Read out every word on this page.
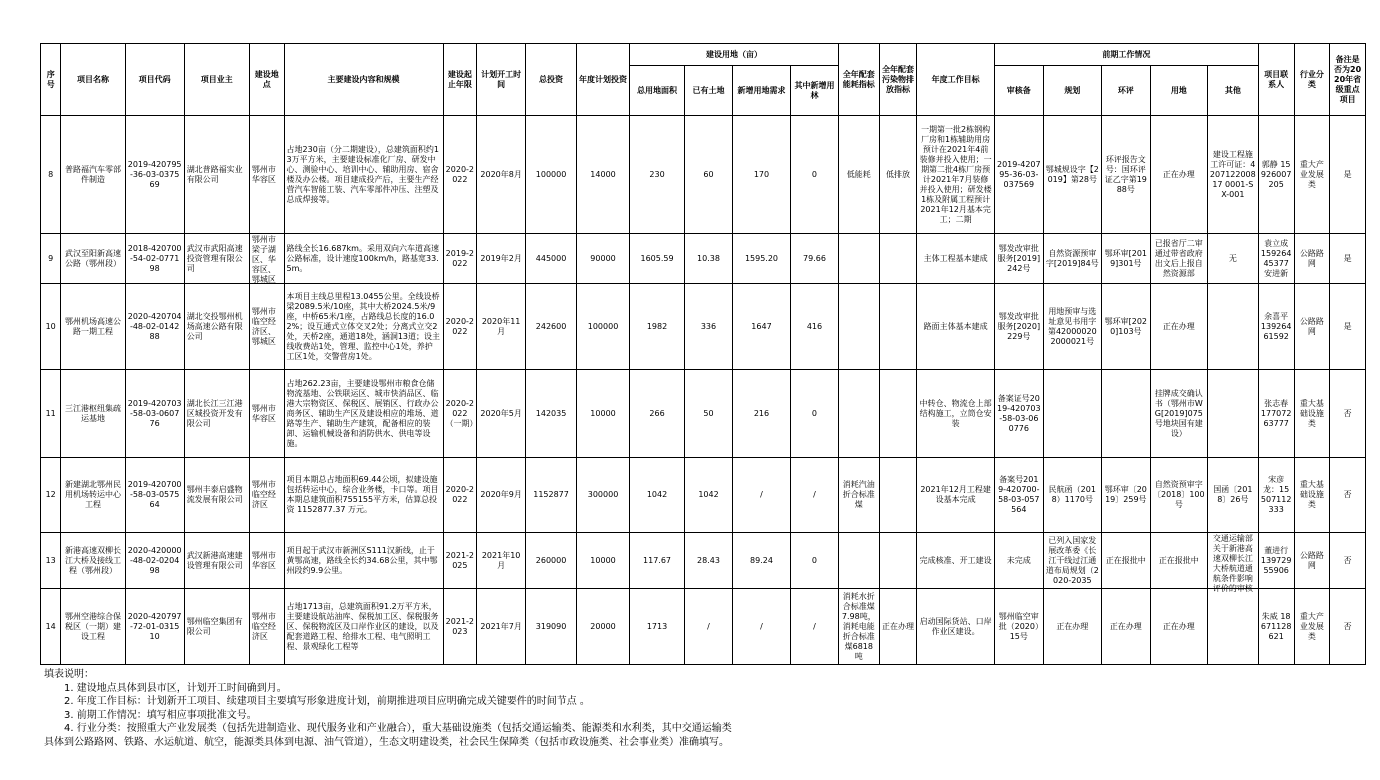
序号	项目名称	项目代码	项目业主	建设地点	主要建设内容和规模	建设起止年限	计划开工时间	总投资	年度计划投资	建设用地（亩）				全年配套能耗指标	全年配套污染物排放指标	年度工作目标	前期工作情况					项目联系人	行业分类	备注是否为2020年省级重点项目
										总用地面积	已有土地	新增用地需求	其中新增用林				审核备	规划	环评	用地	其他			

8	普路福汽车零部件制造	2019-420795-36-03-037569	湖北普路福实业有限公司	鄂州市华容区	占地230亩（分二期建设），总建筑面积约13万平方米，主要建设标准化厂房、研发中心、测验中心、培训中心、辅助用房、宿舍楼及办公楼。项目建成投产后，主要生产经营汽车智能工装、汽车零部件冲压、注塑及总成焊接等。	2020-2022	2020年8月	100000	14000	230	60	170	0	低能耗	低排放	一期第一批2栋钢构厂房和1栋辅助用房预计在2021年4前装修并投入使用；一期第二批4栋厂房预计2021年7月装修并投入使用；研发楼1栋及附属工程预计2021年12月基本完工；二期	2019-420795-36-03-037569	鄂城规设字【2019】第28号	环评报告文号：国环评证乙字第1988号	正在办理	建设工程施工许可证：420712200817 0001-SX-001	郭静 15926007205	重大产业发展类	是

9	武汉至阳新高速公路（鄂州段）	2018-420700-54-02-077198	武汉市武阳高速投资管理有限公司	鄂州市梁子湖区、华容区、鄂城区	路线全长16.687km。采用双向六车道高速公路标准，设计速度100km/h，路基宽33.5m。	2019-2022	2019年2月	445000	90000	1605.59	10.38	1595.20	79.66			主体工程基本建成	鄂发改审批服务[2019]242号	自然资源预审字[2019]84号	鄂环审[2019]301号	已报省厅二审通过带省政府出文后上报自然资源部	无	袁立成 15926445377 安进新	公路路网	是

10	鄂州机场高速公路一期工程	2020-420704-48-02-014288	湖北交投鄂州机场高速公路有限公司	鄂州市临空经济区、鄂城区	本项目主线总里程13.0455公里。全线设桥梁2089.5米/10座，其中大桥2024.5米/9座，中桥65米/1座，占路线总长度的16.02%；设互通式立体交叉2处；分离式立交2处，天桥2座，通道18处，涵洞13道；设主线收费站1处，管理、监控中心1处，养护工区1处，交警营房1处。	2020-2022	2020年11月	242600	100000	1982	336	1647	416			路面主体基本建成	鄂发改审批服务[2020]229号	用地预审与选址意见书用字第420000202000021号	鄂环审[2020]103号	正在办理		余喜平 13926461592	公路路网	是

11	三江港枢纽集疏运基地	2019-420703-58-03-060776	湖北长江三江港区城投资开发有限公司	鄂州市华容区	占地262.23亩，主要建设鄂州市粮食仓储物流基地、公铁联运区、城市快消品区、临港大宗物资区、保税区、展销区、行政办公商务区、辅助生产区及建设相应的堆场、道路等生产、辅助生产建筑，配备相应的装卸、运输机械设备和消防供水、供电等设施。	2020-2022（一期）	2020年5月	142035	10000	266	50	216	0			中转仓、物流仓上部结构施工，立筒仓安装	备案证号2019-420703-58-03-060776			挂牌成交确认书（鄂州市WG[2019]075号地块国有建设）		张志春 17707263777	重大基础设施类	否

12	新建湖北鄂州民用机场转运中心工程	2019-420700-58-03-057564	鄂州丰泰启盛物流发展有限公司	鄂州市临空经济区	项目本期总占地面积69.44公顷，拟建设施包括转运中心，综合业务楼，卡口等。项目本期总建筑面积755155平方米，估算总投资 1152877.37 万元。	2020-2022	2020年9月	1152877	300000	1042	1042	/	/	消耗汽油折合标准煤		2021年12月工程建设基本完成	备案号2019-420700-58-03-057564	民航函（2018）1170号	鄂环审〔2019〕259号	自然资预审字〔2018〕100号	国函〔2018〕26号	宋彦龙：15507112333	重大基础设施类	否

13	新港高速双柳长江大桥及接线工程（鄂州段）	2020-420000-48-02-020498	武汉新港高速建设管理有限公司	鄂州市华容区	项目起于武汉市新洲区S111汉新线，止于黄鄂高速，路线全长约34.68公里，其中鄂州段约9.9公里。	2021-2025	2021年10月	260000	10000	117.67	28.43	89.24	0			完成核准、开工建设	未完成	已列入国家发展改革委《长江干线过江通道布局规划（2020-2035	正在报批中	正在报批中	交通运输部关于新港高速双柳长江大桥航道通航条件影响评价的审核	董进行 13972955906	公路路网	否

14	鄂州空港综合保税区（一期）建设工程	2020-420797-72-01-031510	鄂州临空集团有限公司	鄂州市临空经济区	占地1713亩，总建筑面积91.2万平方米，主要建设航站油库、保税加工区、保税服务区、保税物流区及口岸作业区的建设，以及配套道路工程、给排水工程、电气照明工程、景观绿化工程等	2021-2023	2021年7月	319090	20000	1713	/	/	/	消耗水折合标准煤7.98吨，消耗电能折合标准煤6818吨	正在办理	启动国际货站、口岸作业区建设。	鄂州临空审批（2020）15号	正在办理	正在办理	正在办理		朱威 18671128621	重大产业发展类	否
填表说明：
1. 建设地点具体到县市区，计划开工时间确到月。
2. 年度工作目标：计划新开工项目、续建项目主要填写形象进度计划，前期推进项目应明确完成关键要件的时间节点 。
3. 前期工作情况：填写相应事项批准文号。
4. 行业分类：按照重大产业发展类（包括先进制造业、现代服务业和产业融合），重大基础设施类（包括交通运输类、能源类和水利类，其中交通运输类
具体到公路路网、铁路、水运航道、航空，能源类具体到电源、油气管道），生态文明建设类，社会民生保障类（包括市政设施类、社会事业类）准确填写。
